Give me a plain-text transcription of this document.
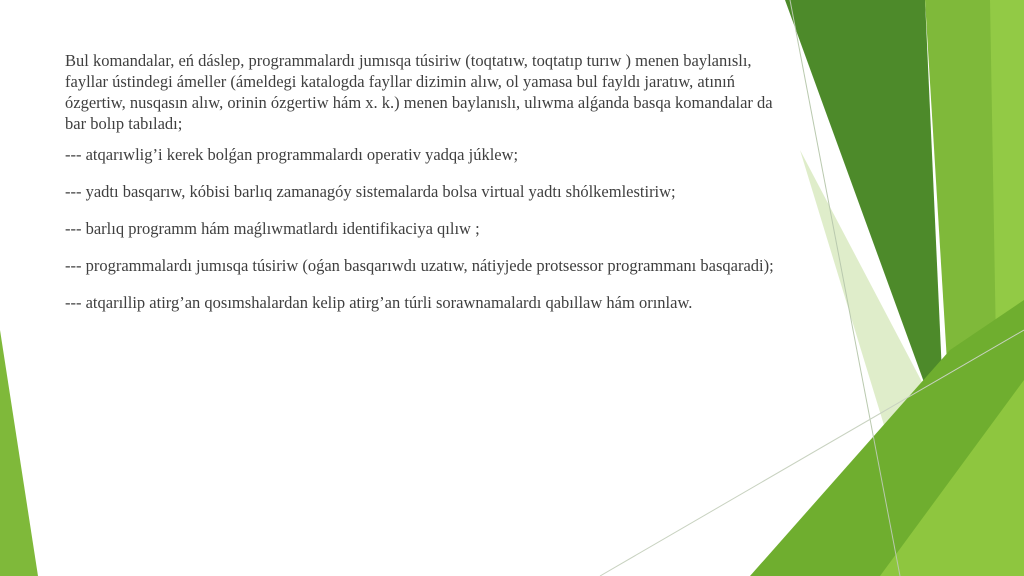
Bul komandalar, eń dáslep, programmalardı jumısqa túsiriw (toqtatıw, toqtatıp turıw ) menen baylanıslı, fayllar ústindegi ámeller (ámeldegi katalogda fayllar dizimin alıw, ol yamasa bul fayldı jaratıw, atınıń ózgertiw, nusqasın alıw, orinin ózgertiw hám x. k.) menen baylanıslı, ulıwma alǵanda basqa komandalar da bar bolıp tabıladı;

--- atqarıwlig’i kerek bolǵan programmalardı operativ yadqa júklew;

--- yadtı basqarıw, kóbisi barlıq zamanagóy sistemalarda bolsa virtual yadtı shólkemlestiriw;

--- barlıq programm hám maǵlıwmatlardı identifikaciya qılıw ;

--- programmalardı jumısqa túsiriw (oǵan basqarıwdı uzatıw, nátiyjede protsessor programmanı basqaradi);

--- atqarıllip atirg’an qosımshalardan kelip atirg’an túrli sorawnamalardı qabıllaw hám orınlaw.
